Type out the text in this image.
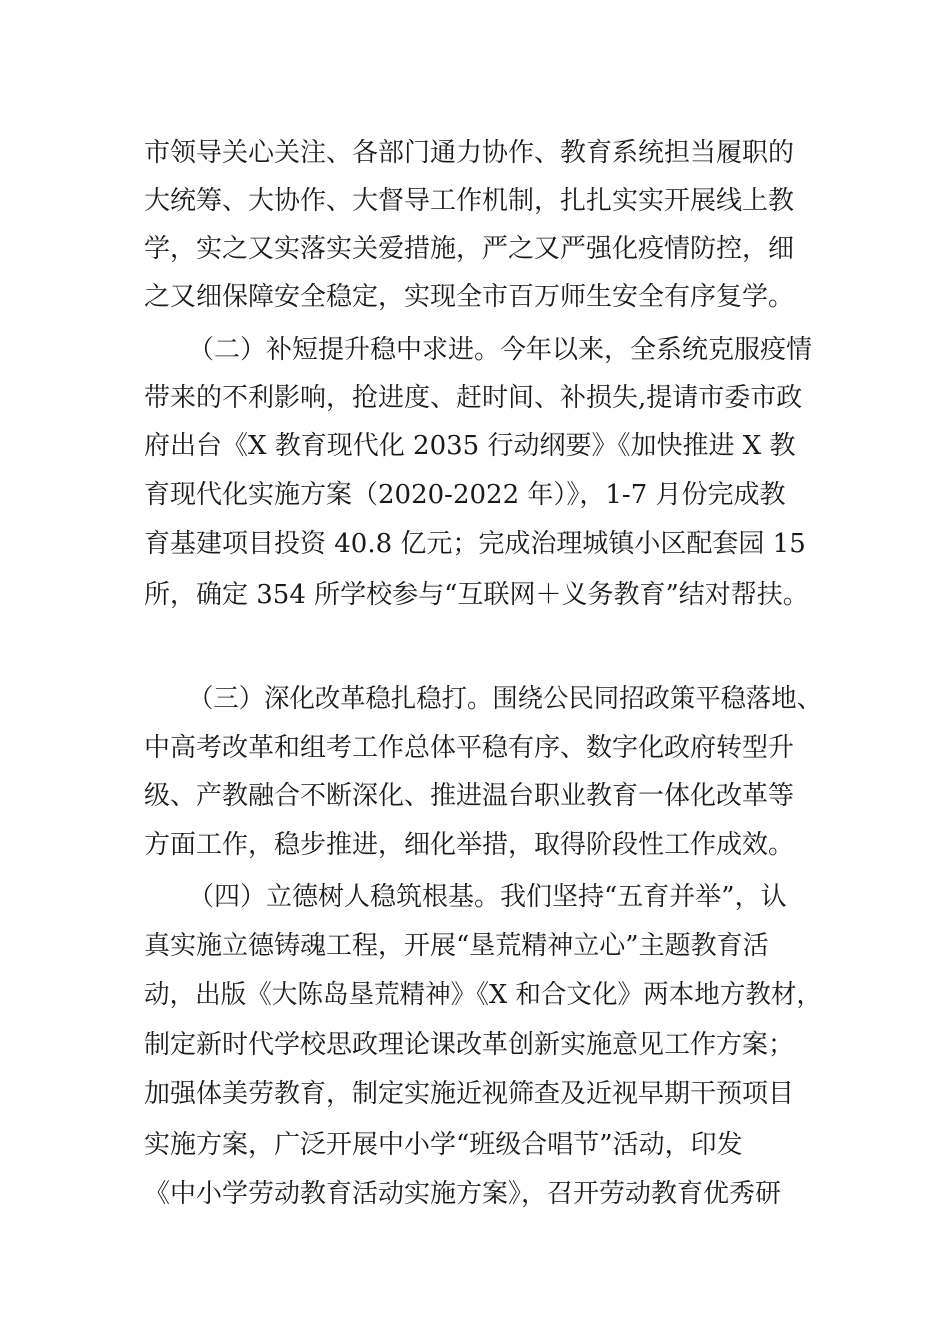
市领导关心关注、各部门通力协作、教育系统担当履职的
大统筹、大协作、大督导工作机制，扎扎实实开展线上教
学，实之又实落实关爱措施，严之又严强化疫情防控，细
之又细保障安全稳定，实现全市百万师生安全有序复学。
（二）补短提升稳中求进。今年以来，全系统克服疫情
带来的不利影响，抢进度、赶时间、补损失,提请市委市政
府出台《X 教育现代化 2035 行动纲要》《加快推进 X 教
育现代化实施方案（2020-2022 年）》，1-7 月份完成教
育基建项目投资 40.8 亿元；完成治理城镇小区配套园 15
所，确定 354 所学校参与“互联网＋义务教育”结对帮扶。
（三）深化改革稳扎稳打。围绕公民同招政策平稳落地、
中高考改革和组考工作总体平稳有序、数字化政府转型升
级、产教融合不断深化、推进温台职业教育一体化改革等
方面工作，稳步推进，细化举措，取得阶段性工作成效。
（四）立德树人稳筑根基。我们坚持“五育并举”，认
真实施立德铸魂工程，开展“垦荒精神立心”主题教育活
动，出版《大陈岛垦荒精神》《X 和合文化》两本地方教材，
制定新时代学校思政理论课改革创新实施意见工作方案；
加强体美劳教育，制定实施近视筛查及近视早期干预项目
实施方案，广泛开展中小学“班级合唱节”活动，印发
《中小学劳动教育活动实施方案》，召开劳动教育优秀研
